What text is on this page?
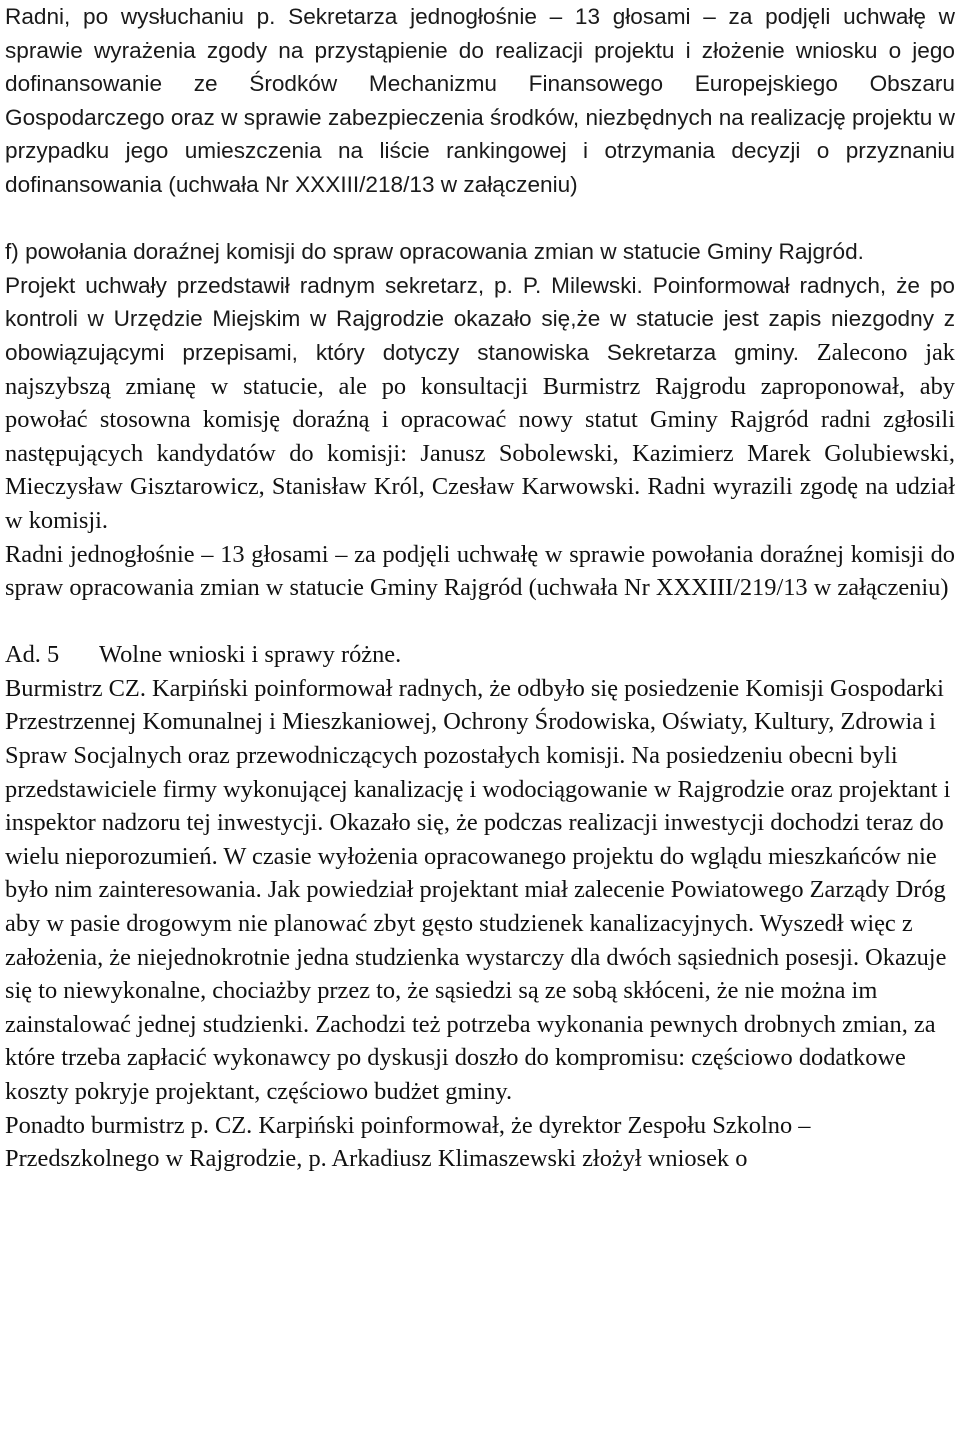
Radni, po wysłuchaniu p. Sekretarza jednogłośnie – 13 głosami – za podjęli uchwałę w sprawie wyrażenia zgody na przystąpienie do realizacji projektu i złożenie wniosku o jego dofinansowanie ze Środków Mechanizmu Finansowego Europejskiego Obszaru Gospodarczego oraz w sprawie zabezpieczenia środków, niezbędnych na realizację projektu w przypadku jego umieszczenia na liście rankingowej i otrzymania decyzji o przyznaniu dofinansowania (uchwała Nr XXXIII/218/13 w załączeniu)

f) powołania doraźnej komisji do spraw opracowania zmian w statucie Gminy Rajgród.

Projekt uchwały przedstawił radnym sekretarz, p. P. Milewski. Poinformował radnych, że po kontroli w Urzędzie Miejskim w Rajgrodzie okazało się,że w statucie jest zapis niezgodny z obowiązującymi przepisami, który dotyczy stanowiska Sekretarza gminy. Zalecono jak najszybszą zmianę w statucie, ale po konsultacji Burmistrz Rajgrodu zaproponował, aby powołać stosowna komisję doraźną i opracować nowy statut Gminy Rajgród radni zgłosili następujących kandydatów do komisji: Janusz Sobolewski, Kazimierz Marek Golubiewski, Mieczysław Gisztarowicz, Stanisław Król, Czesław Karwowski. Radni wyrazili zgodę na udział w komisji.

Radni jednogłośnie – 13 głosami – za podjęli uchwałę w sprawie powołania doraźnej komisji do spraw opracowania zmian w statucie Gminy Rajgród (uchwała Nr XXXIII/219/13 w załączeniu)

Ad. 5 Wolne wnioski i sprawy różne.

Burmistrz CZ. Karpiński poinformował radnych, że odbyło się posiedzenie Komisji Gospodarki Przestrzennej Komunalnej i Mieszkaniowej, Ochrony Środowiska, Oświaty, Kultury, Zdrowia i Spraw Socjalnych oraz przewodniczących pozostałych komisji. Na posiedzeniu obecni byli przedstawiciele firmy wykonującej kanalizację i wodociągowanie w Rajgrodzie oraz projektant i inspektor nadzoru tej inwestycji. Okazało się, że podczas realizacji inwestycji dochodzi teraz do wielu nieporozumień. W czasie wyłożenia opracowanego projektu do wglądu mieszkańców nie było nim zainteresowania. Jak powiedział projektant miał zalecenie Powiatowego Zarządy Dróg aby w pasie drogowym nie planować zbyt gęsto studzienek kanalizacyjnych. Wyszedł więc z założenia, że niejednokrotnie jedna studzienka wystarczy dla dwóch sąsiednich posesji. Okazuje się to niewykonalne, chociażby przez to, że sąsiedzi są ze sobą skłóceni, że nie można im zainstalować jednej studzienki. Zachodzi też potrzeba wykonania pewnych drobnych zmian, za które trzeba zapłacić wykonawcy po dyskusji doszło do kompromisu: częściowo dodatkowe koszty pokryje projektant, częściowo budżet gminy.

Ponadto burmistrz p. CZ. Karpiński poinformował, że dyrektor Zespołu Szkolno – Przedszkolnego w Rajgrodzie, p. Arkadiusz Klimaszewski złożył wniosek o
